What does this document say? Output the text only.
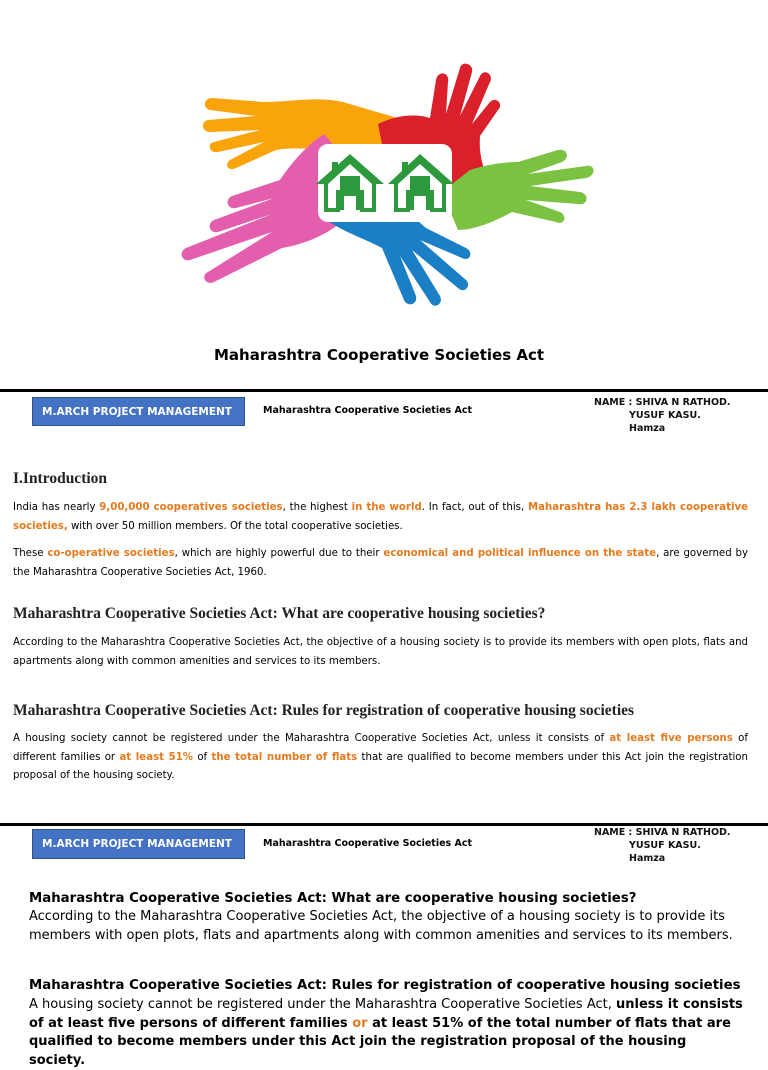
Maharashtra Cooperative Societies Act
M.ARCH PROJECT MANAGEMENT	Maharashtra Cooperative Societies Act
NAME : SHIVA N RATHOD.
YUSUF KASU.
Hamza
I.Introduction
India has nearly 9,00,000 cooperatives societies, the highest in the world. In fact, out of this, Maharashtra has 2.3 lakh cooperative societies, with over 50 million members. Of the total cooperative societies.
These co-operative societies, which are highly powerful due to their economical and political influence on the state, are governed by the Maharashtra Cooperative Societies Act, 1960.
Maharashtra Cooperative Societies Act: What are cooperative housing societies?
According to the Maharashtra Cooperative Societies Act, the objective of a housing society is to provide its members with open plots, flats and apartments along with common amenities and services to its members.
Maharashtra Cooperative Societies Act: Rules for registration of cooperative housing societies
A housing society cannot be registered under the Maharashtra Cooperative Societies Act, unless it consists of at least five persons of different families or at least 51% of the total number of flats that are qualified to become members under this Act join the registration proposal of the housing society.
M.ARCH PROJECT MANAGEMENT	Maharashtra Cooperative Societies Act
NAME : SHIVA N RATHOD.
YUSUF KASU.
Hamza
Maharashtra Cooperative Societies Act: What are cooperative housing societies?
According to the Maharashtra Cooperative Societies Act, the objective of a housing society is to provide its members with open plots, flats and apartments along with common amenities and services to its members.
Maharashtra Cooperative Societies Act: Rules for registration of cooperative housing societies
A housing society cannot be registered under the Maharashtra Cooperative Societies Act, unless it consists of at least five persons of different families or at least 51% of the total number of flats that are qualified to become members under this Act join the registration proposal of the housing society.
